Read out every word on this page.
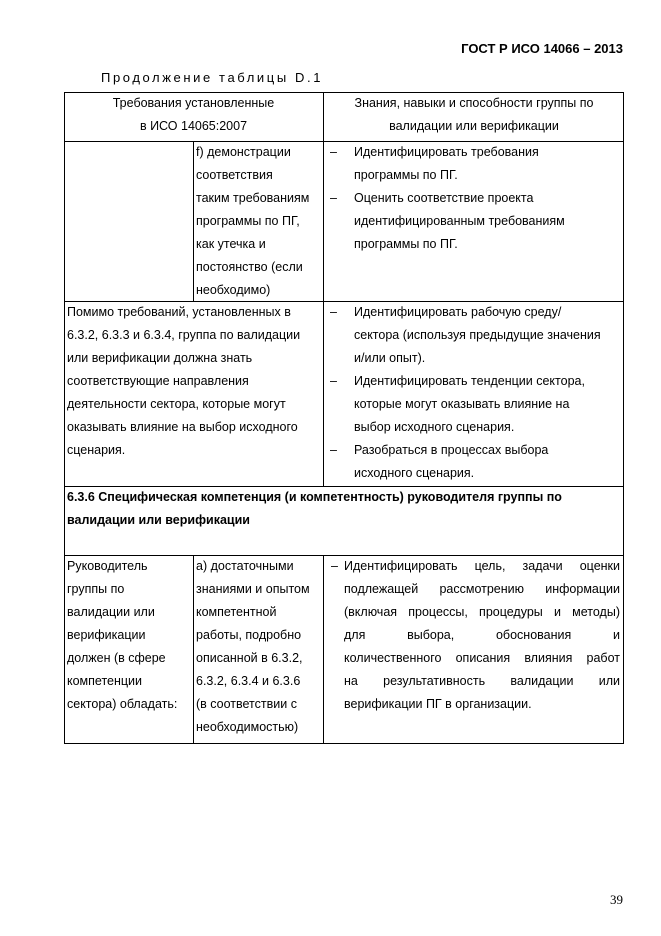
ГОСТ Р ИСО 14066 – 2013
Продолжение таблицы D.1
Требования установленные
в ИСО 14065:2007
Знания, навыки и способности группы по
валидации или верификации
f) демонстрации
соответствия
таким требованиям
программы по ПГ,
как утечка и
постоянство (если
необходимо)
–
–
Идентифицировать требования
программы по ПГ.
Оценить соответствие проекта
идентифицированным требованиям
программы по ПГ.
Помимо требований, установленных в
6.3.2, 6.3.3 и 6.3.4, группа по валидации
или верификации должна знать
соответствующие направления
деятельности сектора, которые могут
оказывать влияние на выбор исходного
сценария.
–
–
–
Идентифицировать рабочую среду/
сектора (используя предыдущие значения
и/или опыт).
Идентифицировать тенденции сектора,
которые могут оказывать влияние на
выбор исходного сценария.
Разобраться в процессах выбора
исходного сценария.
6.3.6 Специфическая компетенция (и компетентность) руководителя группы по
валидации или верификации
Руководитель
группы по
валидации или
верификации
должен (в сфере
компетенции
сектора) обладать:
а) достаточными
знаниями и опытом
компетентной
работы, подробно
описанной в 6.3.2,
6.3.2, 6.3.4 и 6.3.6
(в соответствии с
необходимостью)
– Идентифицировать цель, задачи оценки
подлежащей рассмотрению информации
(включая процессы, процедуры и методы)
для выбора, обоснования и
количественного описания влияния работ
на результативность валидации или
верификации ПГ в организации.
39
